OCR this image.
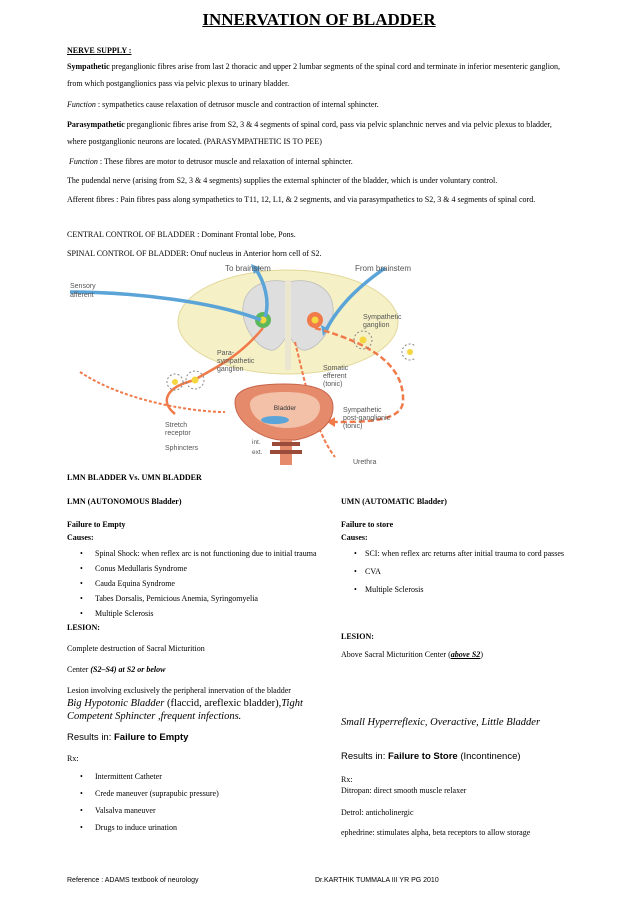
INNERVATION OF BLADDER
NERVE SUPPLY :
Sympathetic preganglionic fibres arise from last 2 thoracic and upper 2 lumbar segments of the spinal cord and terminate in inferior mesenteric ganglion, from which postganglionics pass via pelvic plexus to urinary bladder.
Function : sympathetics cause relaxation of detrusor muscle and contraction of internal sphincter.
Parasympathetic preganglionic fibres arise from S2, 3 & 4 segments of spinal cord, pass via pelvic splanchnic nerves and via pelvic plexus to bladder, where postganglionic neurons are located. (PARASYMPATHETIC IS TO PEE)
Function : These fibres are motor to detrusor muscle and relaxation of internal sphincter.
The pudendal nerve (arising from S2, 3 & 4 segments) supplies the external sphincter of the bladder, which is under voluntary control.
Afferent fibres : Pain fibres pass along sympathetics to T11, 12, L1, & 2 segments, and via parasympathetics to S2, 3 & 4 segments of spinal cord.
CENTRAL CONTROL OF BLADDER : Dominant Frontal lobe, Pons.
SPINAL CONTROL OF BLADDER: Onuf nucleus in Anterior horn cell of S2.
To brainstem	From brainstem
Sensory
afferent
Sympathetic
ganglion
Para-
sympathetic
ganglion	Somatic
efferent
(tonic)
Bladder
Stretch
receptor
Sphincters
int.
ext.
Sympathetic
post-ganglionic
(tonic)
Urethra
LMN BLADDER Vs. UMN BLADDER
LMN (AUTONOMOUS Bladder)
Failure to Empty
Causes:
• Spinal Shock: when reflex arc is not functioning due to initial trauma
• Conus Medullaris Syndrome
• Cauda Equina Syndrome
• Tabes Dorsalis, Pernicious Anemia, Syringomyelia
• Multiple Sclerosis
LESION:
Complete destruction of Sacral Micturition
Center (S2–S4) at S2 or below
Lesion involving exclusively the peripheral innervation of the bladder
Big Hypotonic Bladder (flaccid, areflexic bladder),Tight Competent Sphincter ,frequent infections.
Results in: Failure to Empty
Rx:
• Intermittent Catheter
• Crede maneuver (suprapubic pressure)
• Valsalva maneuver
• Drugs to induce urination
UMN (AUTOMATIC Bladder)
Failure to store
Causes:
• SCI: when reflex arc returns after initial trauma to cord passes
• CVA
• Multiple Sclerosis
LESION:
Above Sacral Micturition Center (above S2)
Small Hyperreflexic, Overactive, Little Bladder
Results in: Failure to Store (Incontinence)
Rx:
Ditropan: direct smooth muscle relaxer
Detrol: anticholinergic
ephedrine: stimulates alpha, beta receptors to allow storage
Reference : ADAMS textbook of neurology	Dr.KARTHIK TUMMALA III YR PG 2010
